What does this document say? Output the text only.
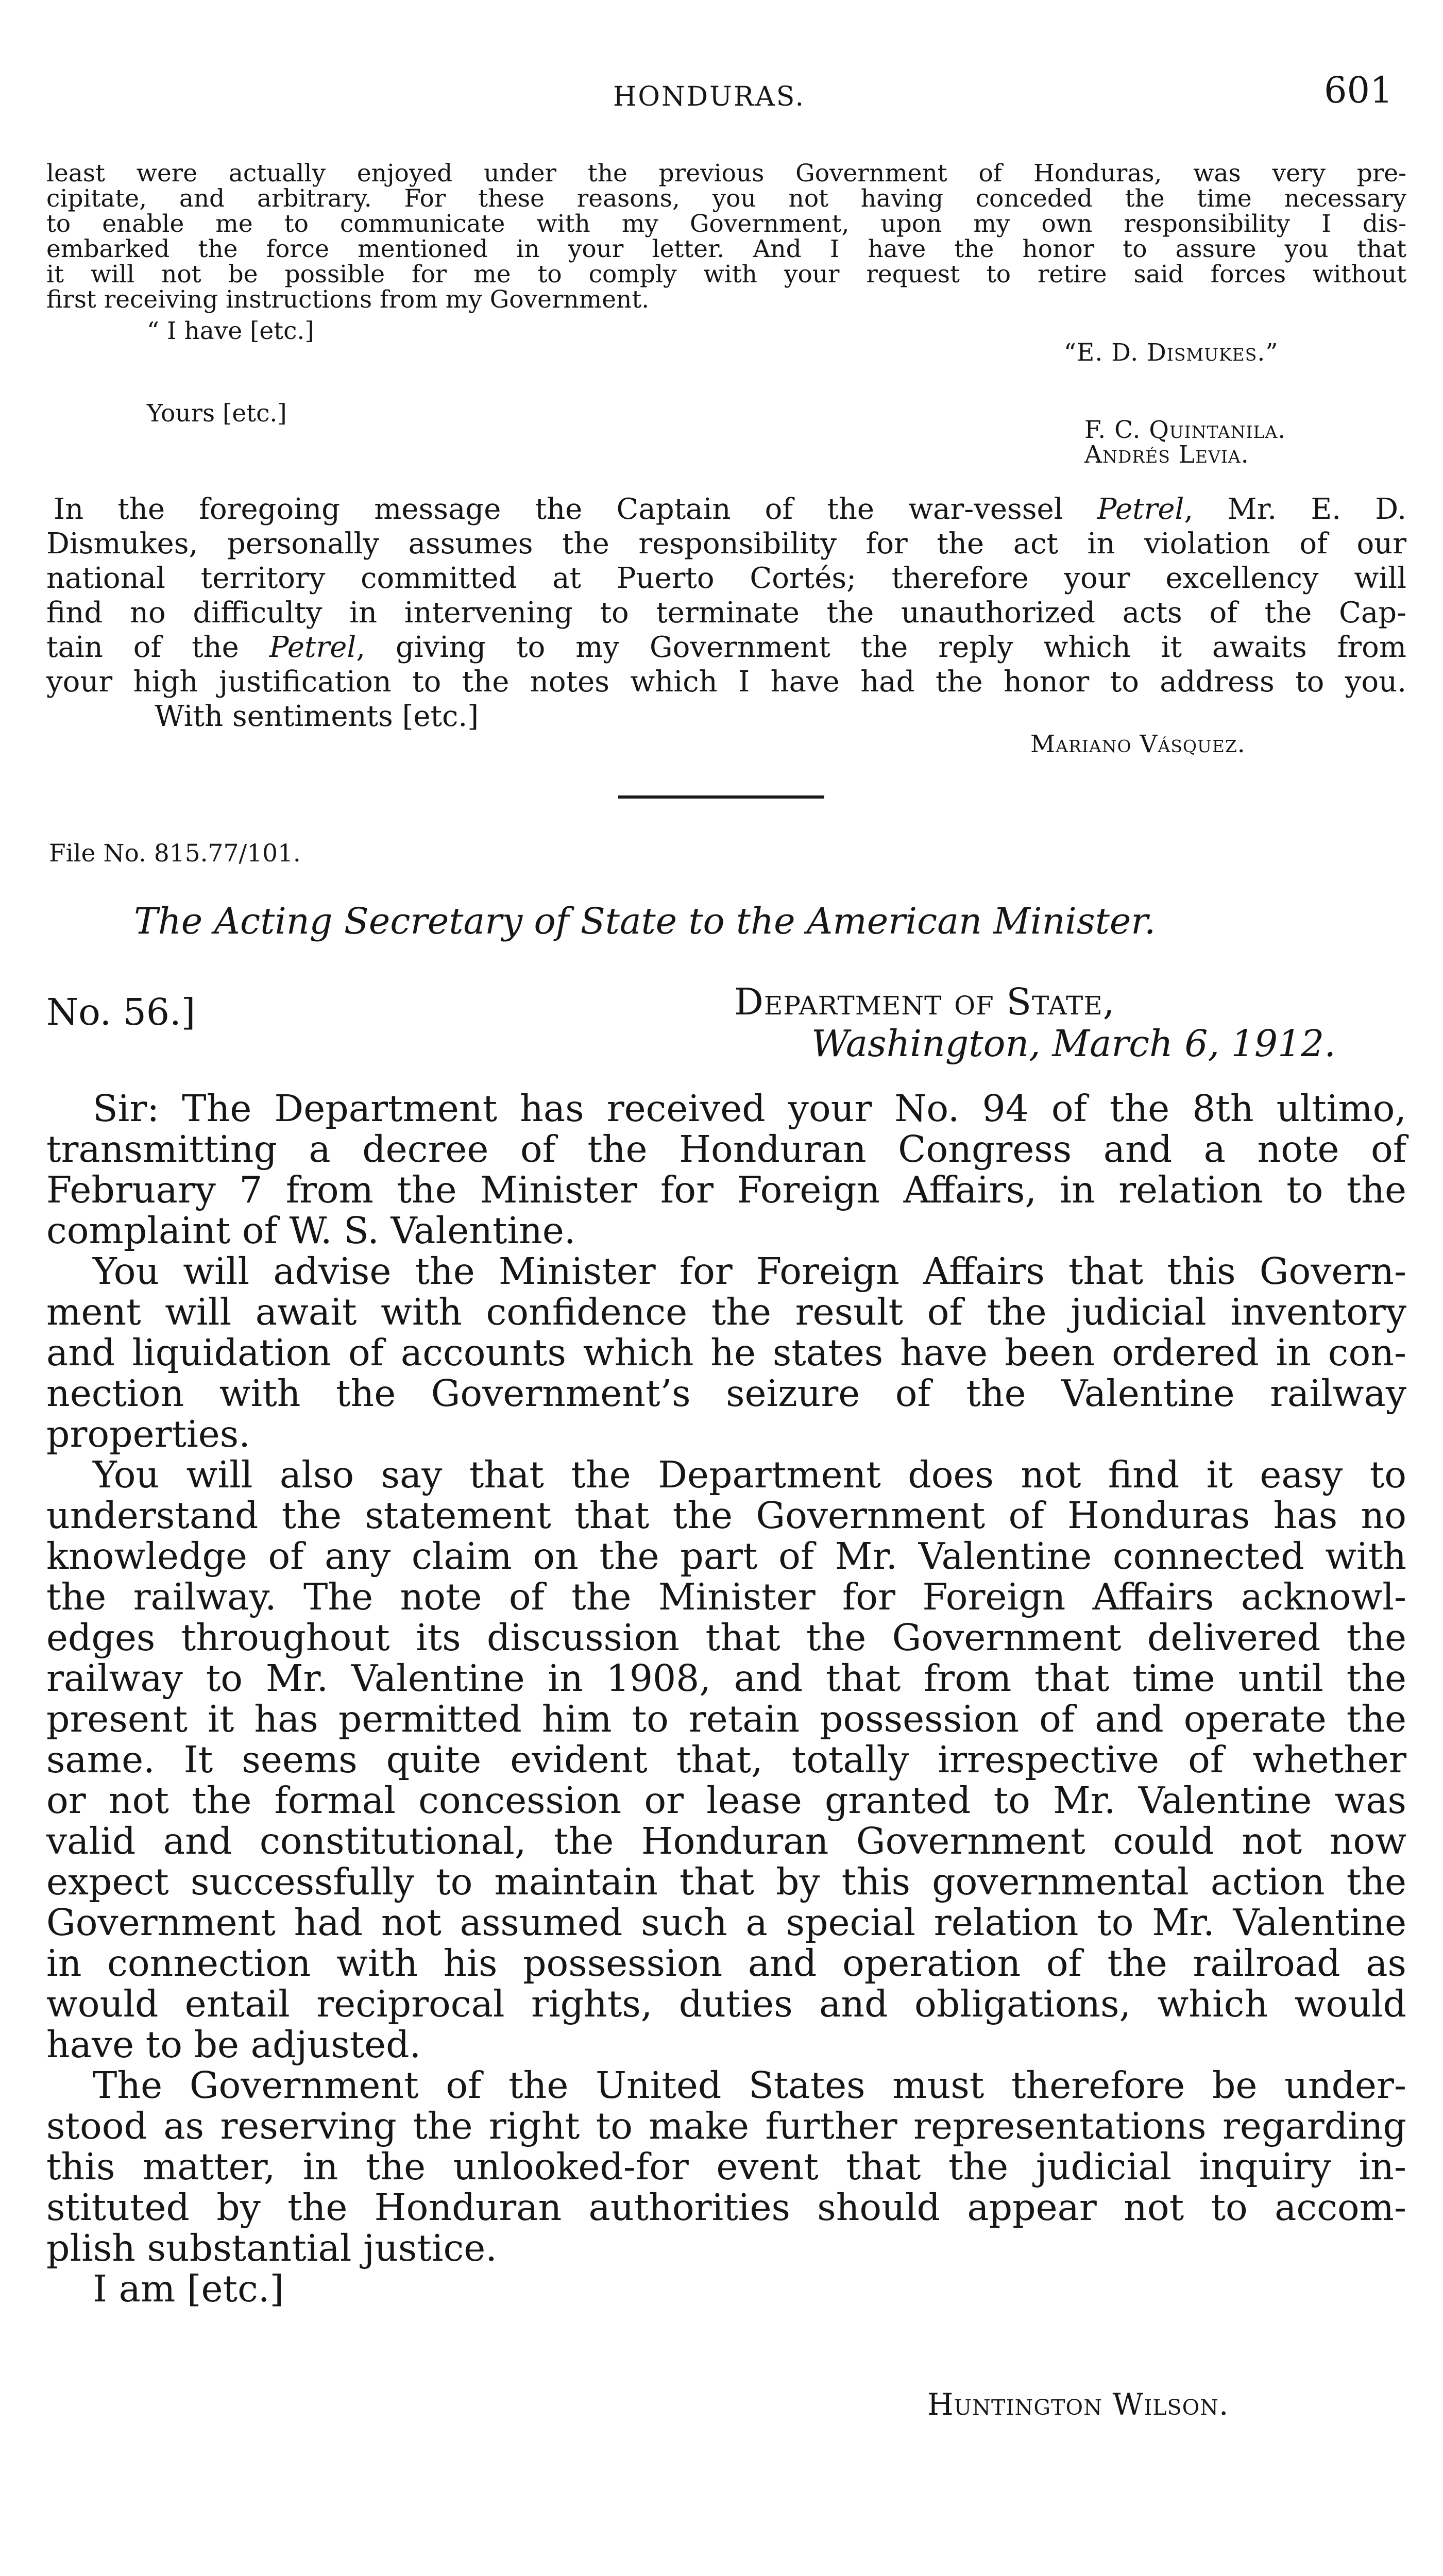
HONDURAS.	601
least were actually enjoyed under the previous Government of Honduras, was very pre-
cipitate, and arbitrary. For these reasons, you not having conceded the time necessary
to enable me to communicate with my Government, upon my own responsibility I dis-
embarked the force mentioned in your letter. And I have the honor to assure you that
it will not be possible for me to comply with your request to retire said forces without
first receiving instructions from my Government.
“ I have [etc.]
“E. D. Dismukes.”
Yours [etc.]
F. C. Quintanila.
Andrés Levia.
In the foregoing message the Captain of the war-vessel Petrel, Mr. E. D.
Dismukes, personally assumes the responsibility for the act in violation of our
national territory committed at Puerto Cortés; therefore your excellency will
find no difficulty in intervening to terminate the unauthorized acts of the Cap-
tain of the Petrel, giving to my Government the reply which it awaits from
your high justification to the notes which I have had the honor to address to you.
With sentiments [etc.]
Mariano Vásquez.
File No. 815.77/101.
The Acting Secretary of State to the American Minister.
No. 56.]	Department of State,
Washington, March 6, 1912.
Sir: The Department has received your No. 94 of the 8th ultimo,
transmitting a decree of the Honduran Congress and a note of
February 7 from the Minister for Foreign Affairs, in relation to the
complaint of W. S. Valentine.
You will advise the Minister for Foreign Affairs that this Govern-
ment will await with confidence the result of the judicial inventory
and liquidation of accounts which he states have been ordered in con-
nection with the Government’s seizure of the Valentine railway
properties.
You will also say that the Department does not find it easy to
understand the statement that the Government of Honduras has no
knowledge of any claim on the part of Mr. Valentine connected with
the railway. The note of the Minister for Foreign Affairs acknowl-
edges throughout its discussion that the Government delivered the
railway to Mr. Valentine in 1908, and that from that time until the
present it has permitted him to retain possession of and operate the
same. It seems quite evident that, totally irrespective of whether
or not the formal concession or lease granted to Mr. Valentine was
valid and constitutional, the Honduran Government could not now
expect successfully to maintain that by this governmental action the
Government had not assumed such a special relation to Mr. Valentine
in connection with his possession and operation of the railroad as
would entail reciprocal rights, duties and obligations, which would
have to be adjusted.
The Government of the United States must therefore be under-
stood as reserving the right to make further representations regarding
this matter, in the unlooked-for event that the judicial inquiry in-
stituted by the Honduran authorities should appear not to accom-
plish substantial justice.
I am [etc.]
Huntington Wilson.
